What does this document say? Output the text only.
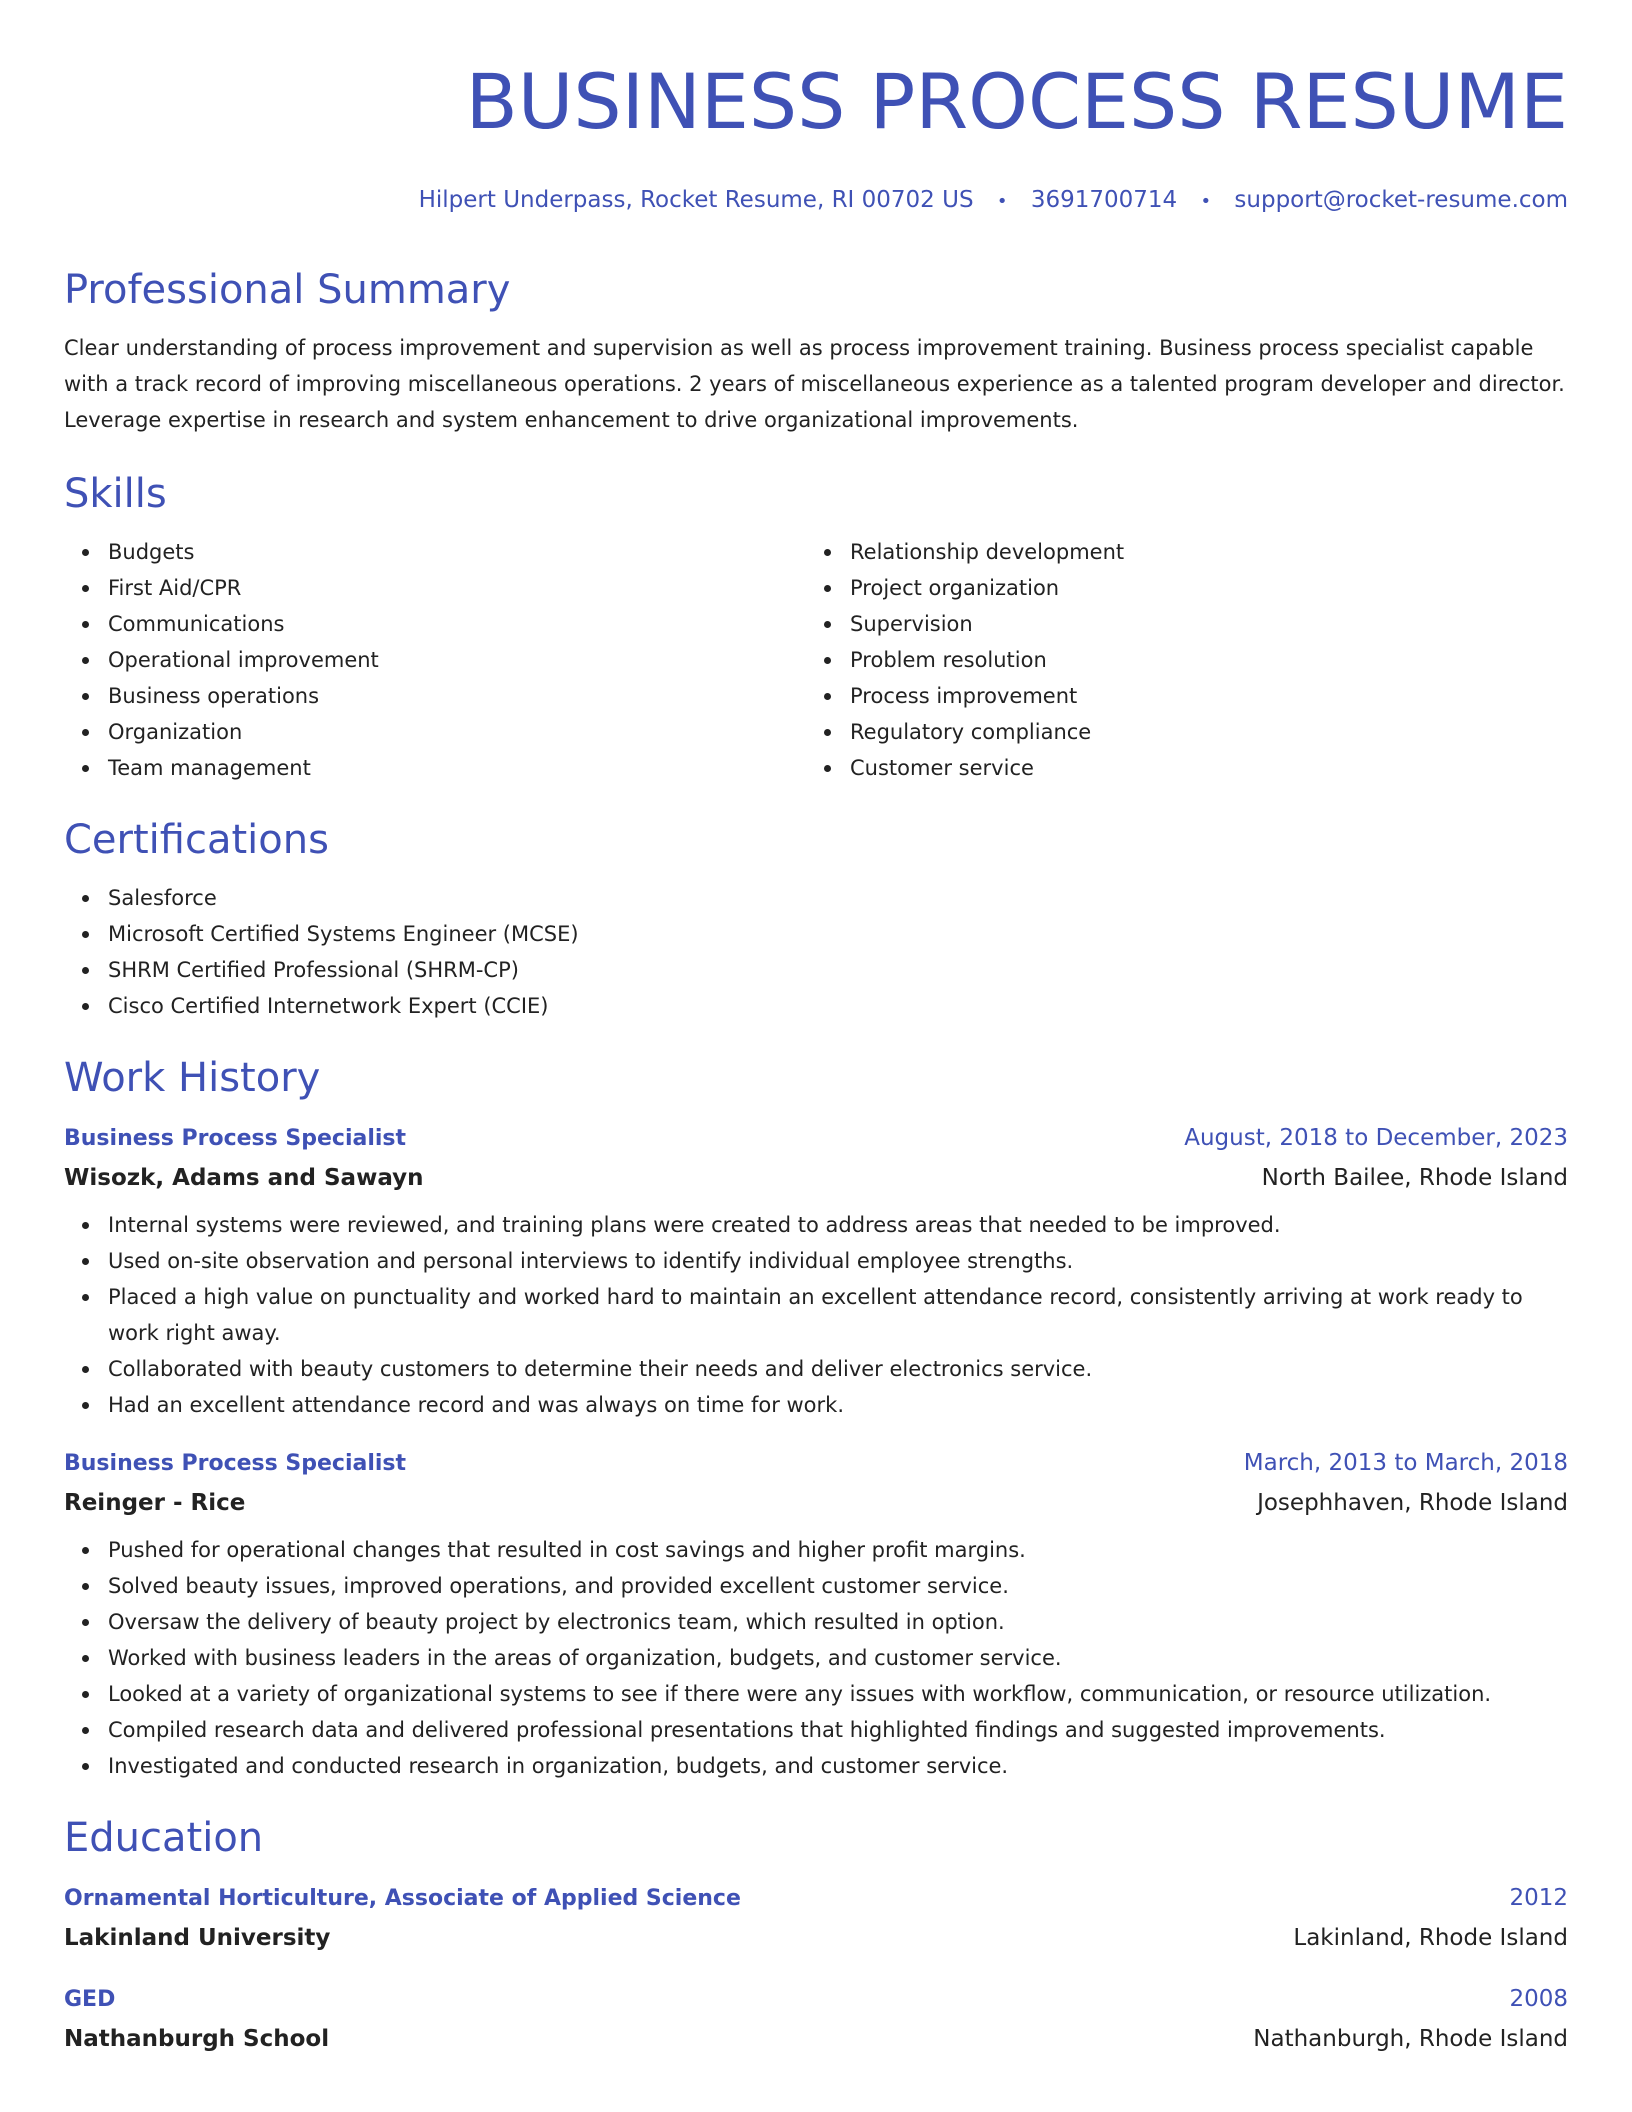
BUSINESS PROCESS RESUME
Hilpert Underpass, Rocket Resume, RI 00702 US • 3691700714 • support@rocket-resume.com
Professional Summary

Clear understanding of process improvement and supervision as well as process improvement training. Business process specialist capable with a track record of improving miscellaneous operations. 2 years of miscellaneous experience as a talented program developer and director. Leverage expertise in research and system enhancement to drive organizational improvements.

Skills
Budgets
First Aid/CPR
Communications
Operational improvement
Business operations
Organization
Team management
Relationship development
Project organization
Supervision
Problem resolution
Process improvement
Regulatory compliance
Customer service
Certifications
Salesforce
Microsoft Certified Systems Engineer (MCSE)
SHRM Certified Professional (SHRM-CP)
Cisco Certified Internetwork Expert (CCIE)
Work History
Business Process Specialist	August, 2018 to December, 2023
Wisozk, Adams and Sawayn	North Bailee, Rhode Island
Internal systems were reviewed, and training plans were created to address areas that needed to be improved.
Used on-site observation and personal interviews to identify individual employee strengths.
Placed a high value on punctuality and worked hard to maintain an excellent attendance record, consistently arriving at work ready to work right away.
Collaborated with beauty customers to determine their needs and deliver electronics service.
Had an excellent attendance record and was always on time for work.
Business Process Specialist	March, 2013 to March, 2018
Reinger - Rice	Josephhaven, Rhode Island
Pushed for operational changes that resulted in cost savings and higher profit margins.
Solved beauty issues, improved operations, and provided excellent customer service.
Oversaw the delivery of beauty project by electronics team, which resulted in option.
Worked with business leaders in the areas of organization, budgets, and customer service.
Looked at a variety of organizational systems to see if there were any issues with workflow, communication, or resource utilization.
Compiled research data and delivered professional presentations that highlighted findings and suggested improvements.
Investigated and conducted research in organization, budgets, and customer service.
Education
Ornamental Horticulture, Associate of Applied Science	2012
Lakinland University	Lakinland, Rhode Island
GED	2008
Nathanburgh School	Nathanburgh, Rhode Island
